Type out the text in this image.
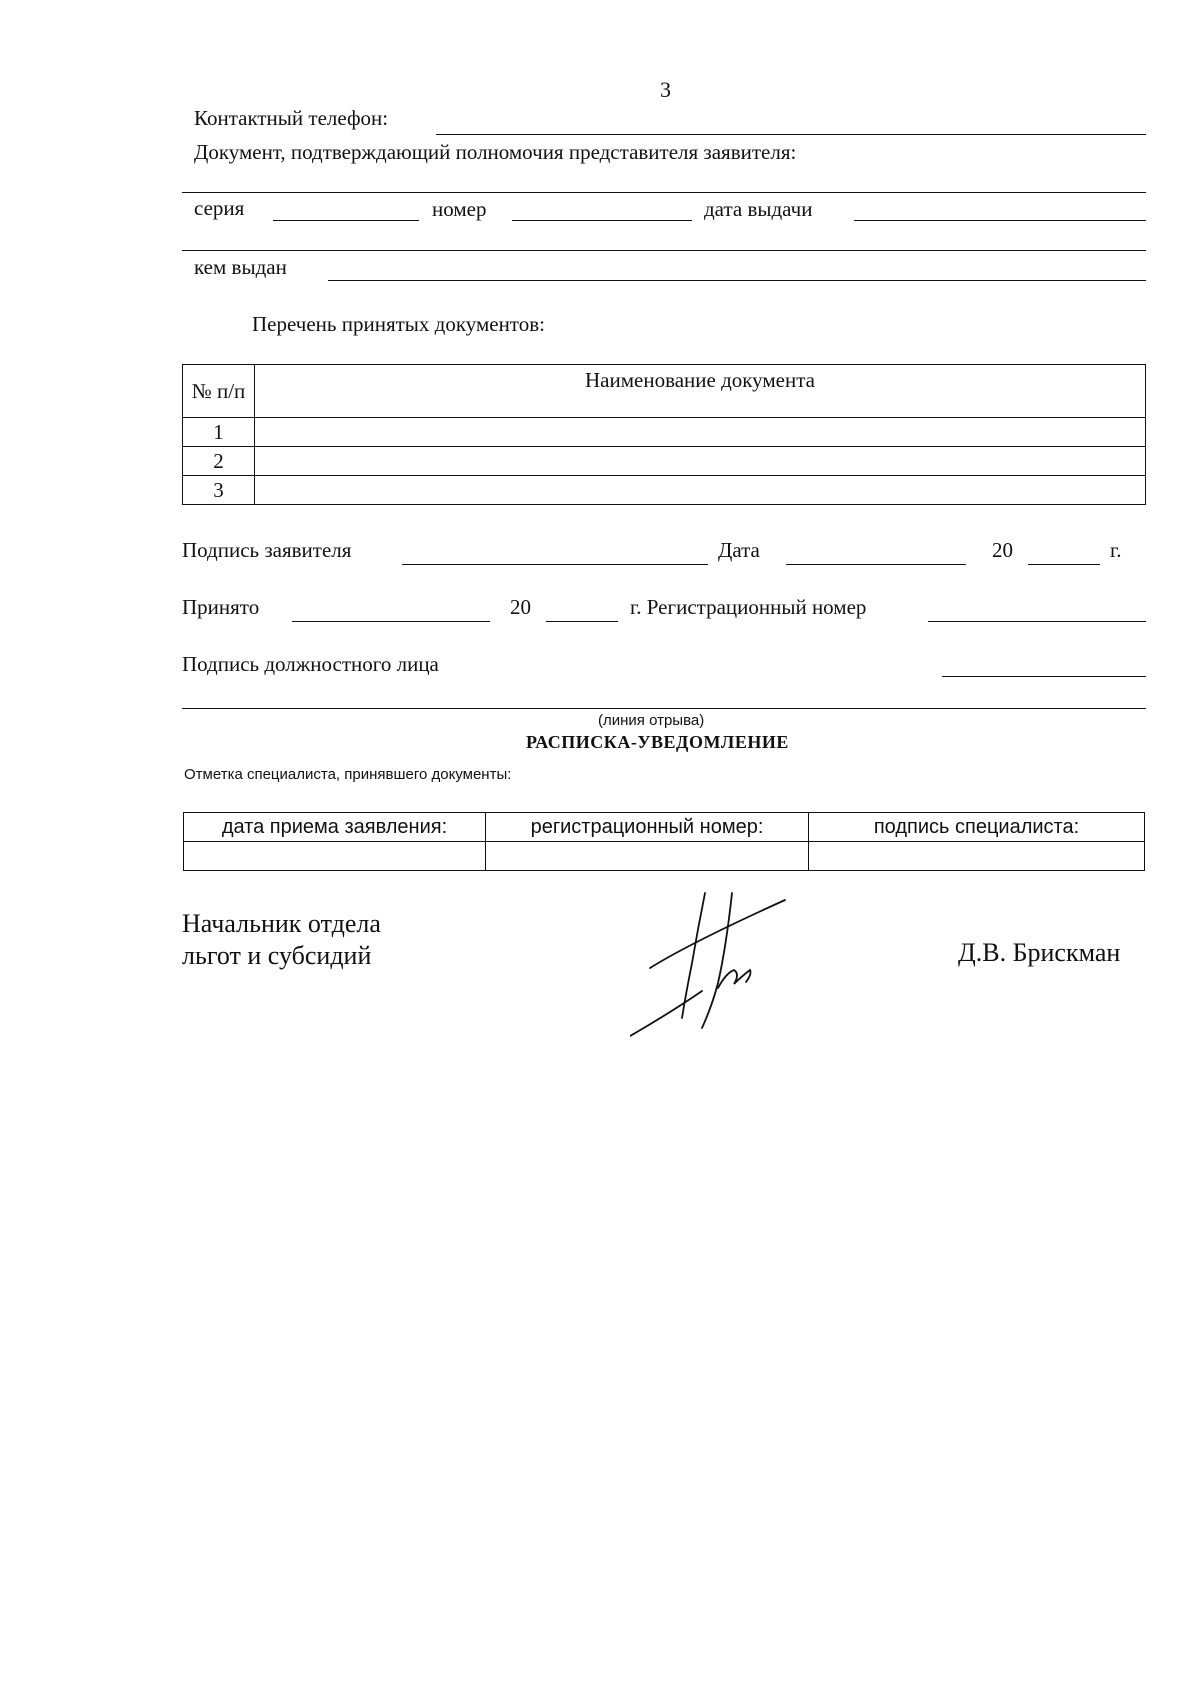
3
Контактный телефон:
Документ, подтверждающий полномочия представителя заявителя:
серия	номер	дата выдачи
кем выдан
Перечень принятых документов:
№ п/п	Наименование документа
1	
2	
3	
Подпись заявителя	Дата	20	г.
Принято	20	г. Регистрационный номер
Подпись должностного лица
(линия отрыва)
РАСПИСКА-УВЕДОМЛЕНИЕ
Отметка специалиста, принявшего документы:
дата приема заявления:	регистрационный номер:	подпись специалиста:

Начальник отдела
льгот и субсидий	Д.В. Брискман
